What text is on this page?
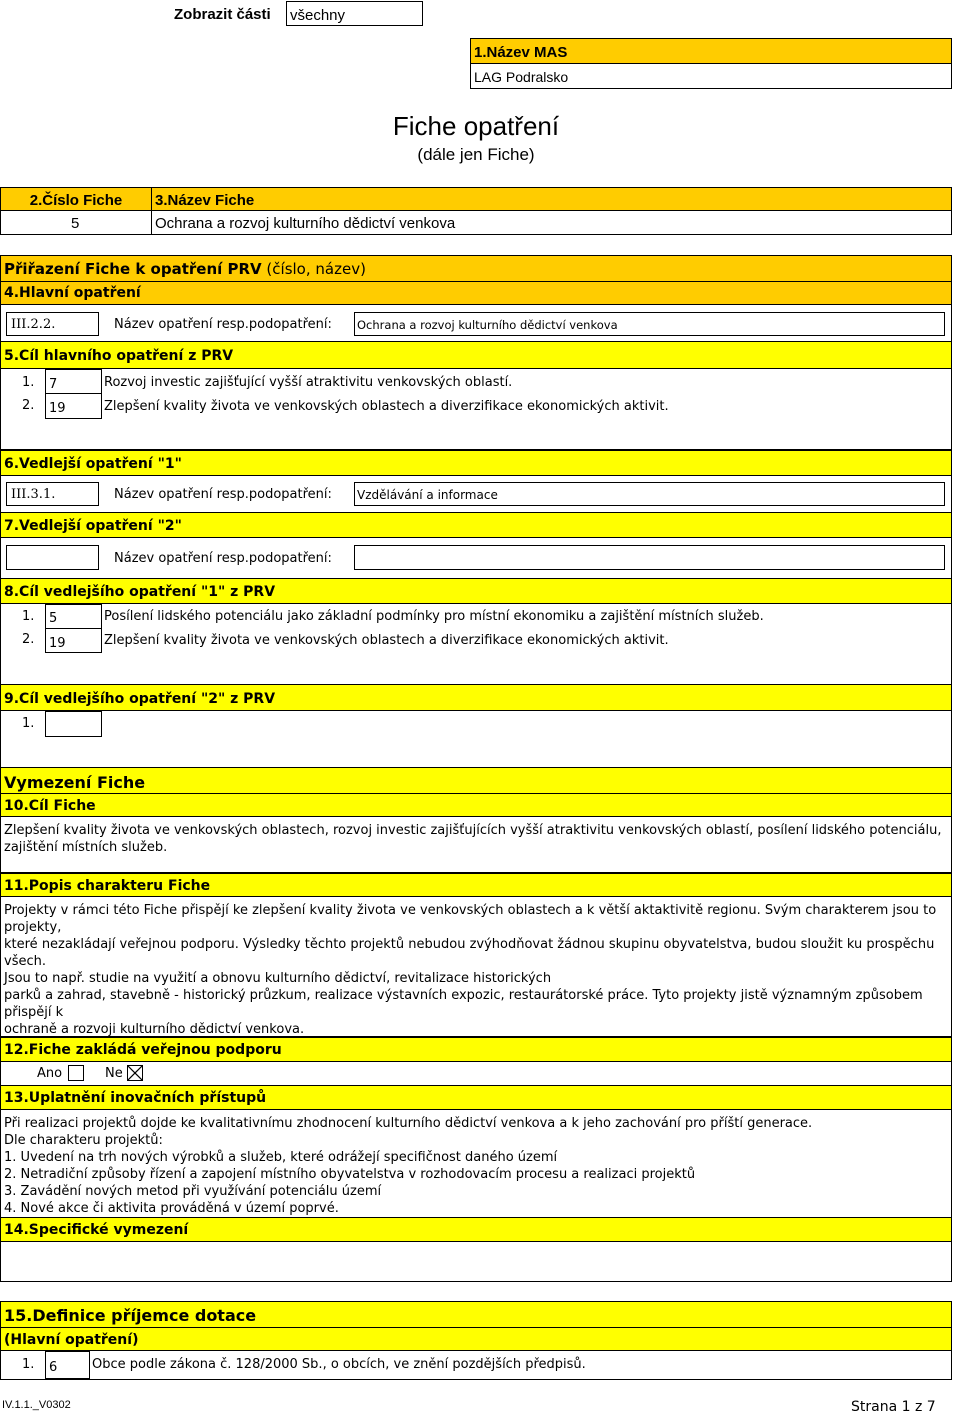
Zobrazit části všechny
1.Název MAS
LAG Podralsko
Fiche opatření
(dále jen Fiche)
2.Číslo Fiche	3.Název Fiche
5	Ochrana a rozvoj kulturního dědictví venkova
Přiřazení Fiche k opatření PRV (číslo, název)
4.Hlavní opatření
III.2.2.	Název opatření resp.podopatření: Ochrana a rozvoj kulturního dědictví venkova
5.Cíl hlavního opatření z PRV
1.	7	Rozvoj investic zajišťující vyšší atraktivitu venkovských oblastí.
2.	19	Zlepšení kvality života ve venkovských oblastech a diverzifikace ekonomických aktivit.
6.Vedlejší opatření "1"
III.3.1.	Název opatření resp.podopatření: Vzdělávání a informace
7.Vedlejší opatření "2"
Název opatření resp.podopatření:
8.Cíl vedlejšího opatření "1" z PRV
1.	5	Posílení lidského potenciálu jako základní podmínky pro místní ekonomiku a zajištění místních služeb.
2.	19	Zlepšení kvality života ve venkovských oblastech a diverzifikace ekonomických aktivit.
9.Cíl vedlejšího opatření "2" z PRV
1.
Vymezení Fiche
10.Cíl Fiche
Zlepšení kvality života ve venkovských oblastech, rozvoj investic zajišťujících vyšší atraktivitu venkovských oblastí, posílení lidského potenciálu,
zajištění místních služeb.
11.Popis charakteru Fiche
Projekty v rámci této Fiche přispějí ke zlepšení kvality života ve venkovských oblastech a k větší aktaktivitě regionu. Svým charakterem jsou to projekty,
které nezakládají veřejnou podporu. Výsledky těchto projektů nebudou zvýhodňovat žádnou skupinu obyvatelstva, budou sloužit ku prospěchu všech.
Jsou to např. studie na využití a obnovu kulturního dědictví, revitalizace historických
parků a zahrad, stavebně - historický průzkum, realizace výstavních expozic, restaurátorské práce. Tyto projekty jistě významným způsobem přispějí k
ochraně a rozvoji kulturního dědictví venkova.
12.Fiche zakládá veřejnou podporu
Ano	Ne
13.Uplatnění inovačních přístupů
Při realizaci projektů dojde ke kvalitativnímu zhodnocení kulturního dědictví venkova a k jeho zachování pro příští generace.
Dle charakteru projektů:
1. Uvedení na trh nových výrobků a služeb, které odrážejí specifičnost daného území
2. Netradiční způsoby řízení a zapojení místního obyvatelstva v rozhodovacím procesu a realizaci projektů
3. Zavádění nových metod při využívání potenciálu území
4. Nové akce či aktivita prováděná v území poprvé.
14.Specifické vymezení
15.Definice příjemce dotace
(Hlavní opatření)
1.	6	Obce podle zákona č. 128/2000 Sb., o obcích, ve znění pozdějších předpisů.
IV.1.1._V0302	Strana 1 z 7
